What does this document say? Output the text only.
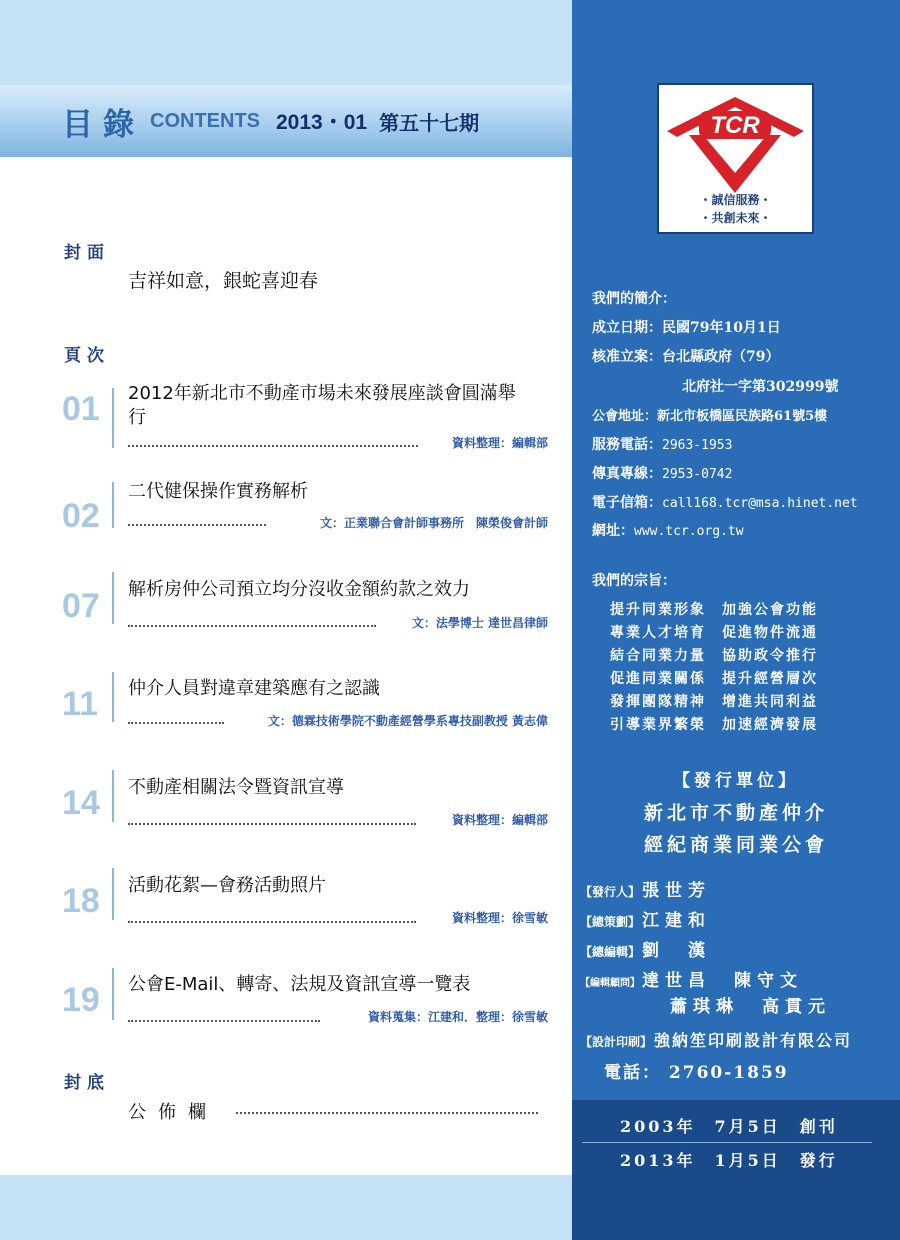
目錄 CONTENTS 2013・01 第五十七期
封面
吉祥如意，銀蛇喜迎春
頁次
01 2012年新北市不動產市場未來發展座談會圓滿舉行
資料整理：編輯部
02
二代健保操作實務解析
文：正業聯合會計師事務所　陳榮俊會計師
07 解析房仲公司預立均分沒收金額約款之效力
文：法學博士 達世昌律師
11 仲介人員對違章建築應有之認識
文：德霖技術學院不動產經營學系專技副教授 黃志偉
14 不動產相關法令暨資訊宣導
資料整理：編輯部
18 活動花絮—會務活動照片
資料整理：徐雪敏
19 公會E-Mail、轉寄、法規及資訊宣導一覽表
資料蒐集：江建和．整理：徐雪敏
封底
公佈欄
TCR
・誠信服務・
・共創未來・
我們的簡介：
成立日期：民國79年10月1日
核准立案：台北縣政府（79）
北府社一字第302999號
公會地址：新北市板橋區民族路61號5樓
服務電話：2963-1953
傳真專線：2953-0742
電子信箱：call168.tcr@msa.hinet.net
網址：www.tcr.org.tw
我們的宗旨：
提升同業形象　加強公會功能
專業人才培育　促進物件流通
結合同業力量　協助政令推行
促進同業關係　提升經營層次
發揮團隊精神　增進共同利益
引導業界繁榮　加速經濟發展
【發行單位】
新北市不動產仲介
經紀商業同業公會
【發行人】 張世芳
【總策劃】 江建和
【總編輯】 劉　漢
【編輯顧問】 達世昌　陳守文
蕭琪琳　高貫元
【設計印刷】 強納笙印刷設計有限公司
電話： 2760-1859
2003年　7月5日　創刊
2013年　1月5日　發行
